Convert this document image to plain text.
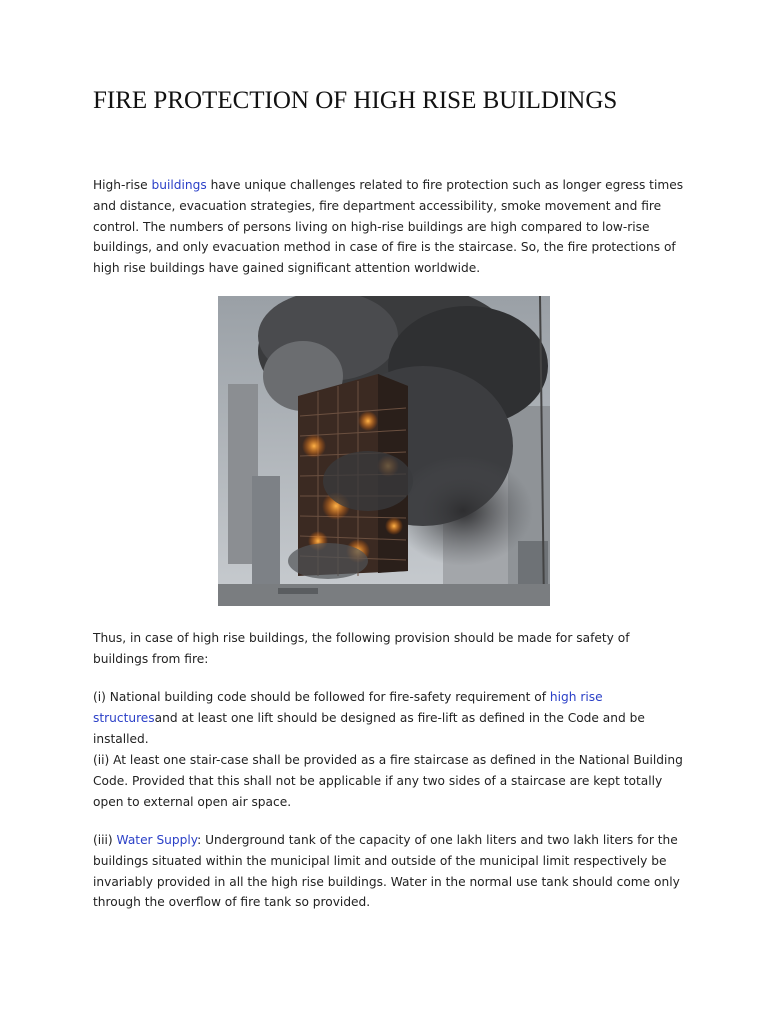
FIRE PROTECTION OF HIGH RISE BUILDINGS

High-rise buildings have unique challenges related to fire protection such as longer egress times and distance, evacuation strategies, fire department accessibility, smoke movement and fire control. The numbers of persons living on high-rise buildings are high compared to low-rise buildings, and only evacuation method in case of fire is the staircase. So, the fire protections of high rise buildings have gained significant attention worldwide.

Thus, in case of high rise buildings, the following provision should be made for safety of buildings from fire:

(i) National building code should be followed for fire-safety requirement of high rise structuresand at least one lift should be designed as fire-lift as defined in the Code and be installed.

(ii) At least one stair-case shall be provided as a fire staircase as defined in the National Building Code. Provided that this shall not be applicable if any two sides of a staircase are kept totally open to external open air space.

(iii) Water Supply: Underground tank of the capacity of one lakh liters and two lakh liters for the buildings situated within the municipal limit and outside of the municipal limit respectively be invariably provided in all the high rise buildings. Water in the normal use tank should come only through the overflow of fire tank so provided.
